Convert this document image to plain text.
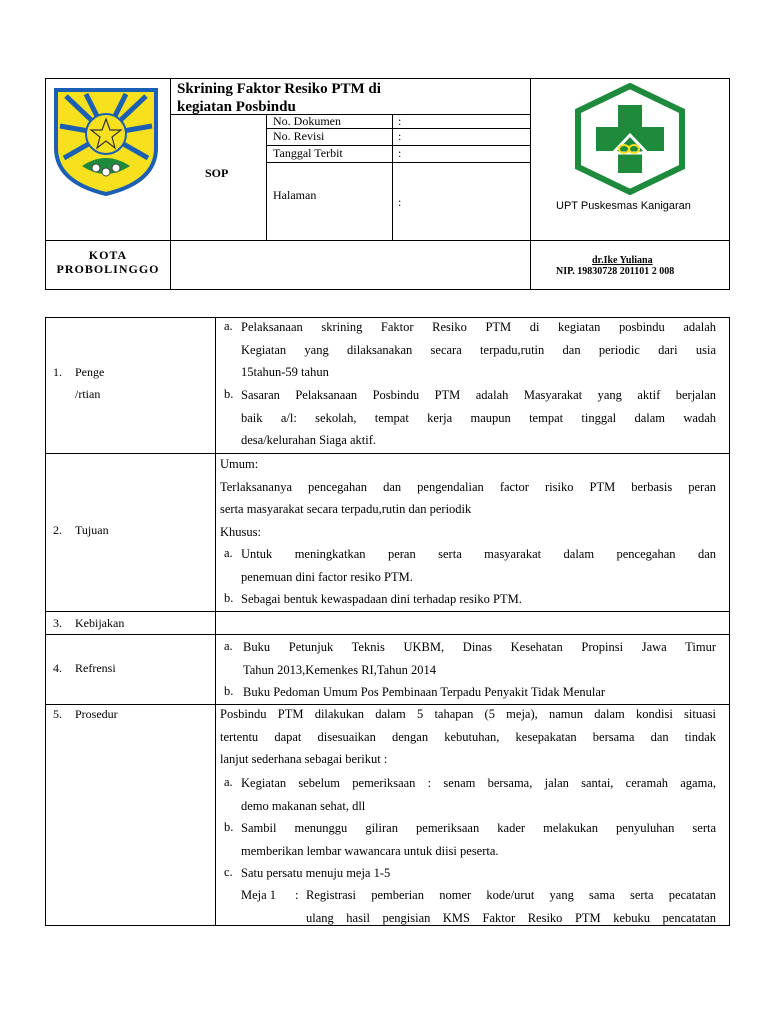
Skrining Faktor Resiko PTM di
kegiatan Posbindu
SOP
No. Dokumen	:
No. Revisi	:
Tanggal Terbit	:
Halaman	:	UPT Puskesmas Kanigaran
KOTA
PROBOLINGGO
dr.Ike Yuliana
NIP. 19830728 201101 2 008
1. Penge
/rtian
a. Pelaksanaan skrining Faktor Resiko PTM di kegiatan posbindu adalah
Kegiatan yang dilaksanakan secara terpadu,rutin dan periodic dari usia
15tahun-59 tahun
b. Sasaran Pelaksanaan Posbindu PTM adalah Masyarakat yang aktif berjalan
baik a/l: sekolah, tempat kerja maupun tempat tinggal dalam wadah
desa/kelurahan Siaga aktif.
2. Tujuan
Umum:
Terlaksananya pencegahan dan pengendalian factor risiko PTM berbasis peran
serta masyarakat secara terpadu,rutin dan periodik
Khusus:
a. Untuk meningkatkan peran serta masyarakat dalam pencegahan dan
penemuan dini factor resiko PTM.
b. Sebagai bentuk kewaspadaan dini terhadap resiko PTM.
3. Kebijakan
4. Refrensi
a. Buku Petunjuk Teknis UKBM, Dinas Kesehatan Propinsi Jawa Timur
Tahun 2013,Kemenkes RI,Tahun 2014
b. Buku Pedoman Umum Pos Pembinaan Terpadu Penyakit Tidak Menular
5. Prosedur	Posbindu PTM dilakukan dalam 5 tahapan (5 meja), namun dalam kondisi situasi
tertentu dapat disesuaikan dengan kebutuhan, kesepakatan bersama dan tindak
lanjut sederhana sebagai berikut :
a. Kegiatan sebelum pemeriksaan : senam bersama, jalan santai, ceramah agama,
demo makanan sehat, dll
b. Sambil menunggu giliran pemeriksaan kader melakukan penyuluhan serta
memberikan lembar wawancara untuk diisi peserta.
c. Satu persatu menuju meja 1-5
Meja 1 : Registrasi pemberian nomer kode/urut yang sama serta pecatatan
ulang hasil pengisian KMS Faktor Resiko PTM kebuku pencatatan
